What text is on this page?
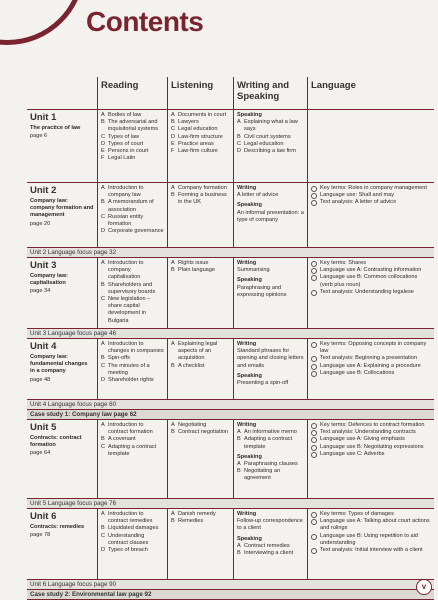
Contents
Reading	Listening	Writing and Speaking
Language
Unit 1
The practice of law
page 6
A Bodies of law
B The adversarial and inquisitorial systems
C Types of law
D Types of court
E Persons in court
F Legal Latin
A Documents in court
B Lawyers
C Legal education
D Law-firm structure
E Practice areas
F Law-firm culture
Speaking
A Explaining what a law says
B Civil court systems
C Legal education
D Describing a law firm
Unit 2
Company law: company formation and management
page 20
A Introduction to company law
B A memorandum of association
C Russian entity formation
D Corporate governance
A Company formation
B Forming a business in the UK
Writing
A letter of advice
Speaking
An informal presentation: a type of company
Key terms: Roles in company management
Language use: Shall and may
Text analysis: A letter of advice
Unit 2 Language focus page 32
Unit 3
Company law: capitalisation
page 34
A Introduction to company capitalisation
B Shareholders and supervisory boards
C New legislation – share capital development in Bulgaria
A Rights issue
B Plain language
Writing
Summarising
Speaking
Paraphrasing and expressing opinions
Key terms: Shares
Language use A: Contrasting information
Language use B: Common collocations (verb plus noun)
Text analysis: Understanding legalese
Unit 3 Language focus page 46
Unit 4
Company law: fundamental changes in a company
page 48
A Introduction to changes in companies
B Spin-offs
C The minutes of a meeting
D Shareholder rights
A Explaining legal aspects of an acquisition
B A checklist
Writing
Standard phrases for opening and closing letters and emails
Speaking
Presenting a spin-off
Key terms: Opposing concepts in company law
Text analysis: Beginning a presentation
Language use A: Explaining a procedure
Language use B: Collocations
Unit 4 Language focus page 60
Case study 1: Company law page 62
Unit 5
Contracts: contract formation
page 64
A Introduction to contract formation
B A covenant
C Adapting a contract template
A Negotiating
B Contract negotiation
Writing
A An informative memo
B Adapting a contract template
Speaking
A Paraphrasing clauses
B Negotiating an agreement
Key terms: Defences to contract formation
Text analysis: Understanding contracts
Language use A: Giving emphasis
Language use B: Negotiating expressions
Language use C: Adverbs
Unit 5 Language focus page 76
Unit 6
Contracts: remedies
page 78
A Introduction to contract remedies
B Liquidated damages
C Understanding contract clauses
D Types of breach
A Danish remedy
B Remedies
Writing
Follow-up correspondence to a client
Speaking
A Contract remedies
B Interviewing a client
Key terms: Types of damages
Language use A: Talking about court actions and rulings
Language use B: Using repetition to aid understanding
Text analysis: Initial interview with a client
Unit 6 Language focus page 90
Case study 2: Environmental law page 92
v
